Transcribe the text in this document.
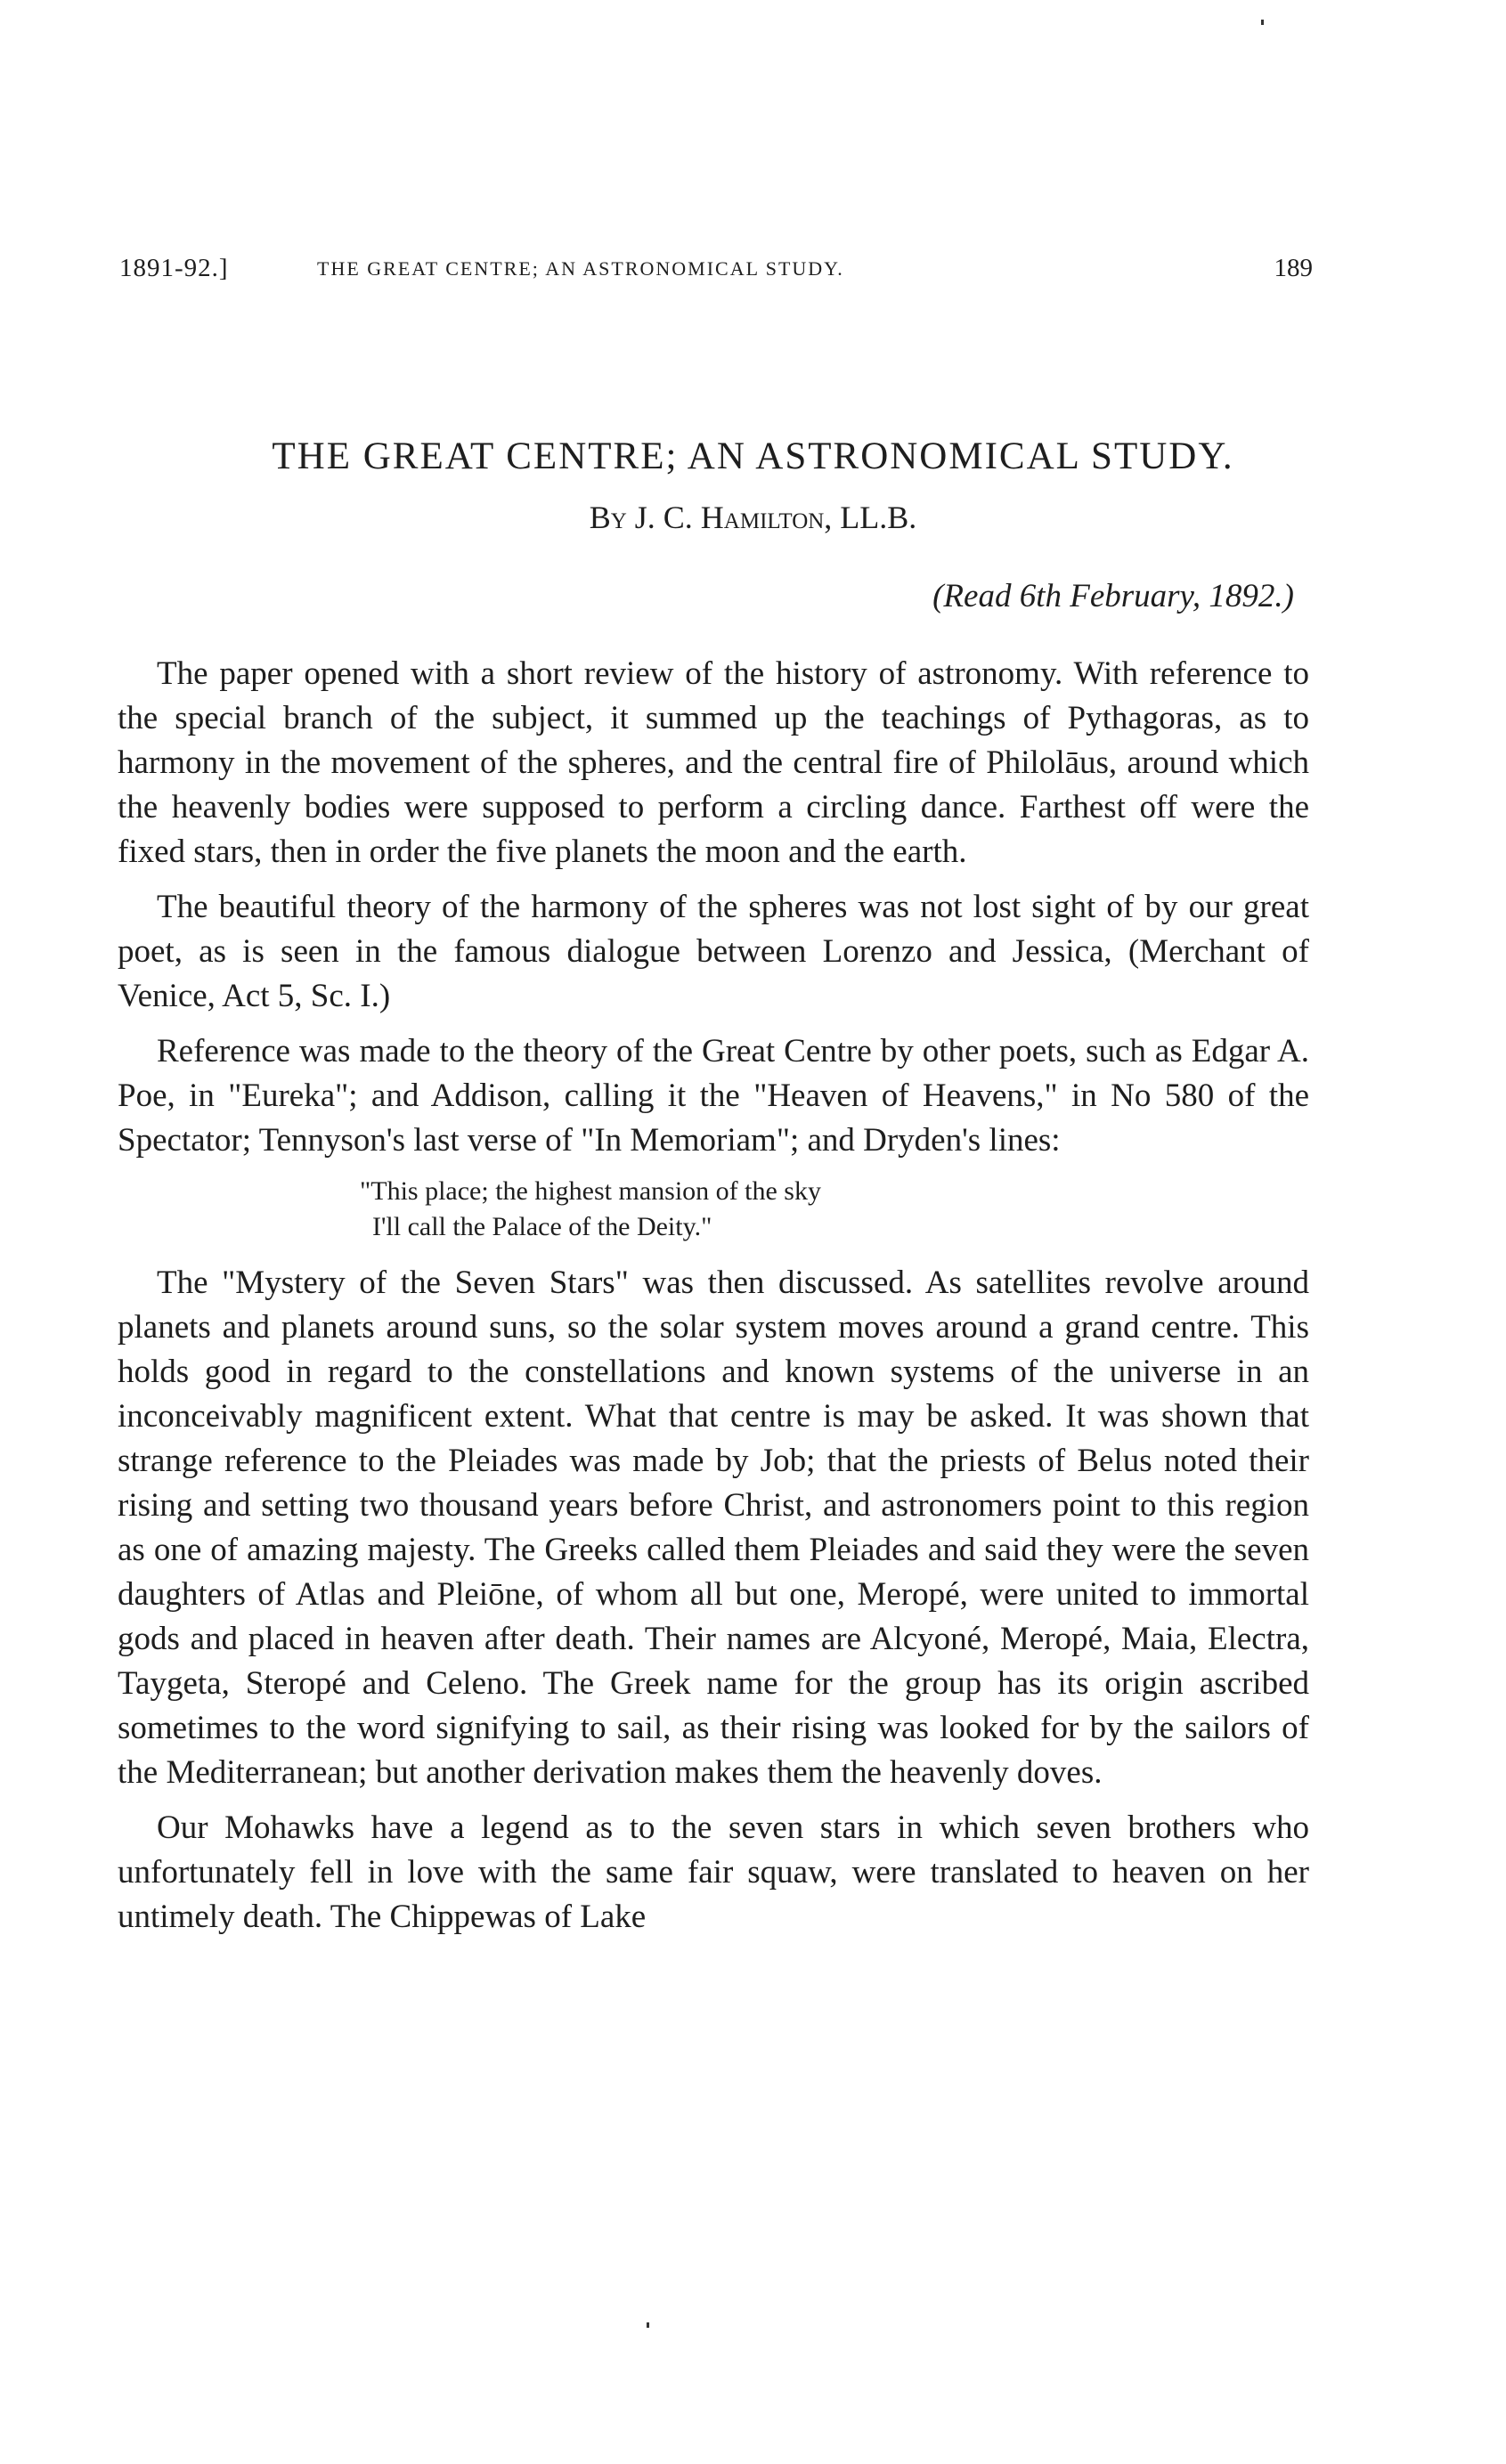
1891-92.]	THE GREAT CENTRE; AN ASTRONOMICAL STUDY.	189
THE GREAT CENTRE; AN ASTRONOMICAL STUDY.
By J. C. Hamilton, LL.B.
(Read 6th February, 1892.)

The paper opened with a short review of the history of astronomy. With reference to the special branch of the subject, it summed up the teachings of Pythagoras, as to harmony in the movement of the spheres, and the central fire of Philolāus, around which the heavenly bodies were supposed to perform a circling dance. Farthest off were the fixed stars, then in order the five planets the moon and the earth.

The beautiful theory of the harmony of the spheres was not lost sight of by our great poet, as is seen in the famous dialogue between Lorenzo and Jessica, (Merchant of Venice, Act 5, Sc. I.)

Reference was made to the theory of the Great Centre by other poets, such as Edgar A. Poe, in "Eureka"; and Addison, calling it the "Heaven of Heavens," in No 580 of the Spectator; Tennyson's last verse of "In Memoriam"; and Dryden's lines:

"This place; the highest mansion of the sky
I'll call the Palace of the Deity."

The "Mystery of the Seven Stars" was then discussed. As satellites revolve around planets and planets around suns, so the solar system moves around a grand centre. This holds good in regard to the constellations and known systems of the universe in an inconceivably magnificent extent. What that centre is may be asked. It was shown that strange reference to the Pleiades was made by Job; that the priests of Belus noted their rising and setting two thousand years before Christ, and astronomers point to this region as one of amazing majesty. The Greeks called them Pleiades and said they were the seven daughters of Atlas and Pleiōne, of whom all but one, Meropé, were united to immortal gods and placed in heaven after death. Their names are Alcyoné, Meropé, Maia, Electra, Taygeta, Steropé and Celeno. The Greek name for the group has its origin ascribed sometimes to the word signifying to sail, as their rising was looked for by the sailors of the Mediterranean; but another derivation makes them the heavenly doves.

Our Mohawks have a legend as to the seven stars in which seven brothers who unfortunately fell in love with the same fair squaw, were translated to heaven on her untimely death. The Chippewas of Lake
